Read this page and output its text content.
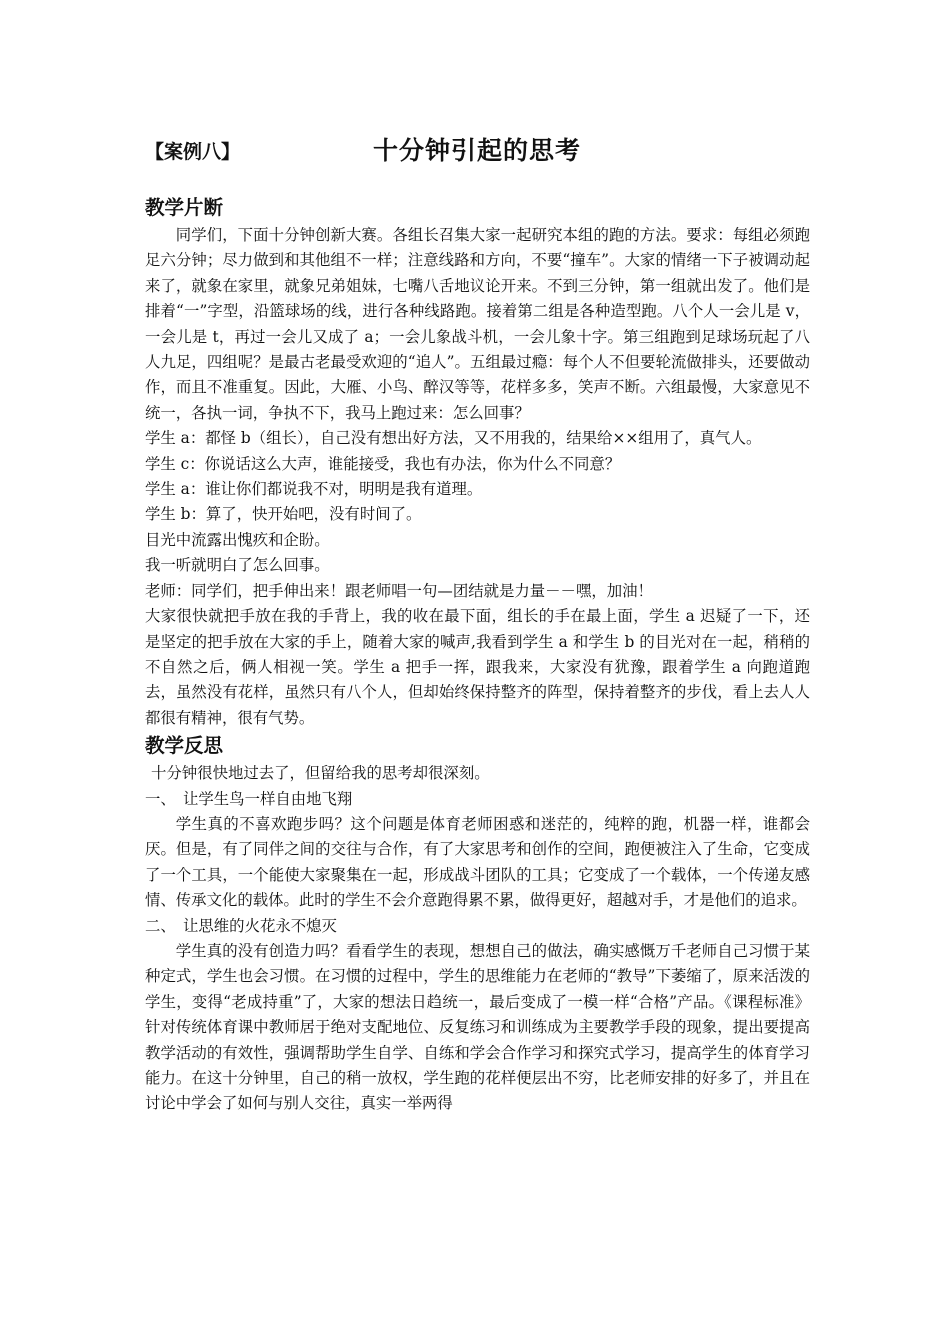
【案例八】	十分钟引起的思考
教学片断

同学们，下面十分钟创新大赛。各组长召集大家一起研究本组的跑的方法。要求：每组必须跑足六分钟；尽力做到和其他组不一样；注意线路和方向，不要“撞车”。大家的情绪一下子被调动起来了，就象在家里，就象兄弟姐妹，七嘴八舌地议论开来。不到三分钟，第一组就出发了。他们是排着“一”字型，沿篮球场的线，进行各种线路跑。接着第二组是各种造型跑。八个人一会儿是 v，一会儿是 t，再过一会儿又成了 a；一会儿象战斗机，一会儿象十字。第三组跑到足球场玩起了八人九足，四组呢？是最古老最受欢迎的“追人”。五组最过瘾：每个人不但要轮流做排头，还要做动作，而且不准重复。因此，大雁、小鸟、醉汉等等，花样多多，笑声不断。六组最慢，大家意见不统一，各执一词，争执不下，我马上跑过来：怎么回事？

学生 a：都怪 b（组长），自己没有想出好方法，又不用我的，结果给××组用了，真气人。

学生 c：你说话这么大声，谁能接受，我也有办法，你为什么不同意？

学生 a：谁让你们都说我不对，明明是我有道理。

学生 b：算了，快开始吧，没有时间了。

目光中流露出愧疚和企盼。

我一听就明白了怎么回事。

老师：同学们，把手伸出来！跟老师唱一句—团结就是力量－－嘿，加油！

大家很快就把手放在我的手背上，我的收在最下面，组长的手在最上面，学生 a 迟疑了一下，还是坚定的把手放在大家的手上，随着大家的喊声,我看到学生 a 和学生 b 的目光对在一起，稍稍的不自然之后，俩人相视一笑。学生 a 把手一挥，跟我来，大家没有犹豫，跟着学生 a 向跑道跑去，虽然没有花样，虽然只有八个人，但却始终保持整齐的阵型，保持着整齐的步伐，看上去人人都很有精神，很有气势。

教学反思

十分钟很快地过去了，但留给我的思考却很深刻。

一、 让学生鸟一样自由地飞翔

学生真的不喜欢跑步吗？这个问题是体育老师困惑和迷茫的，纯粹的跑，机器一样，谁都会厌。但是，有了同伴之间的交往与合作，有了大家思考和创作的空间，跑便被注入了生命，它变成了一个工具，一个能使大家聚集在一起，形成战斗团队的工具；它变成了一个载体，一个传递友感情、传承文化的载体。此时的学生不会介意跑得累不累，做得更好，超越对手，才是他们的追求。

二、 让思维的火花永不熄灭

学生真的没有创造力吗？看看学生的表现，想想自己的做法，确实感慨万千老师自己习惯于某种定式，学生也会习惯。在习惯的过程中，学生的思维能力在老师的“教导”下萎缩了，原来活泼的学生，变得“老成持重”了，大家的想法日趋统一，最后变成了一模一样“合格”产品。《课程标准》针对传统体育课中教师居于绝对支配地位、反复练习和训练成为主要教学手段的现象，提出要提高教学活动的有效性，强调帮助学生自学、自练和学会合作学习和探究式学习，提高学生的体育学习能力。在这十分钟里，自己的稍一放权，学生跑的花样便层出不穷，比老师安排的好多了，并且在讨论中学会了如何与别人交往，真实一举两得
